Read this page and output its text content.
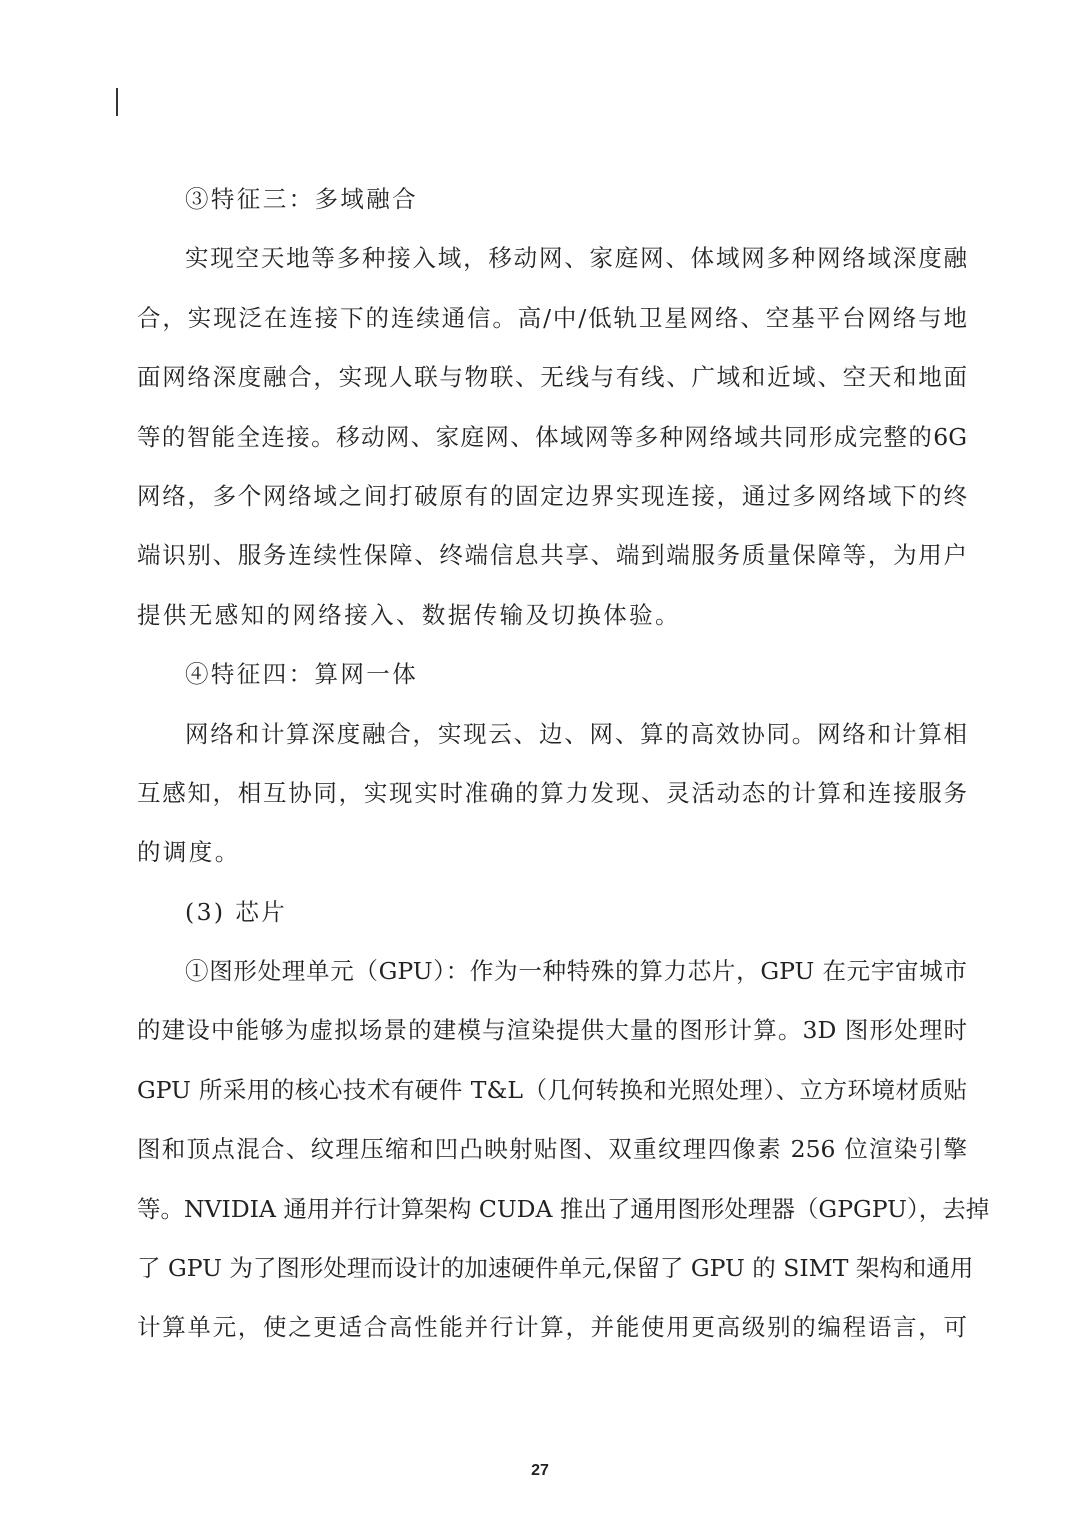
③特征三：多域融合
实现空天地等多种接入域，移动网、家庭网、体域网多种网络域深度融
合，实现泛在连接下的连续通信。高/中/低轨卫星网络、空基平台网络与地
面网络深度融合，实现人联与物联、无线与有线、广域和近域、空天和地面
等的智能全连接。移动网、家庭网、体域网等多种网络域共同形成完整的6G
网络，多个网络域之间打破原有的固定边界实现连接，通过多网络域下的终
端识别、服务连续性保障、终端信息共享、端到端服务质量保障等，为用户
提供无感知的网络接入、数据传输及切换体验。
④特征四：算网一体
网络和计算深度融合，实现云、边、网、算的高效协同。网络和计算相
互感知，相互协同，实现实时准确的算力发现、灵活动态的计算和连接服务
的调度。
(3) 芯片
①图形处理单元（GPU）：作为一种特殊的算力芯片，GPU 在元宇宙城市
的建设中能够为虚拟场景的建模与渲染提供大量的图形计算。3D 图形处理时
GPU 所采用的核心技术有硬件 T&L（几何转换和光照处理）、立方环境材质贴
图和顶点混合、纹理压缩和凹凸映射贴图、双重纹理四像素 256 位渲染引擎
等。NVIDIA 通用并行计算架构 CUDA 推出了通用图形处理器（GPGPU），去掉
了 GPU 为了图形处理而设计的加速硬件单元,保留了 GPU 的 SIMT 架构和通用
计算单元，使之更适合高性能并行计算，并能使用更高级别的编程语言，可
27
